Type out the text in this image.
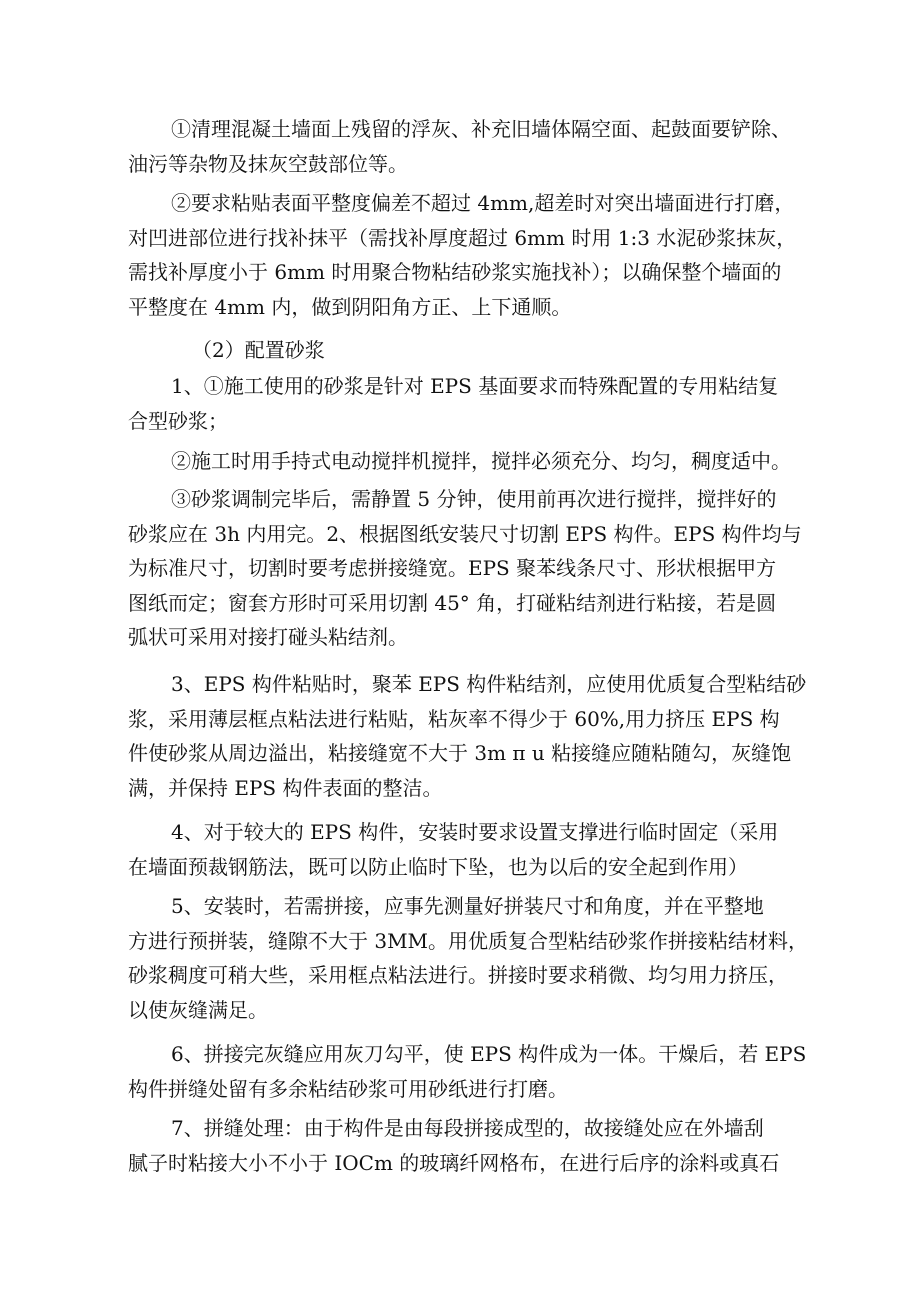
①清理混凝土墙面上残留的浮灰、补充旧墙体隔空面、起鼓面要铲除、
油污等杂物及抹灰空鼓部位等。

②要求粘贴表面平整度偏差不超过 4mm,超差时对突出墙面进行打磨，
对凹进部位进行找补抹平（需找补厚度超过 6mm 时用 1:3 水泥砂浆抹灰，
需找补厚度小于 6mm 时用聚合物粘结砂浆实施找补）；以确保整个墙面的
平整度在 4mm 内，做到阴阳角方正、上下通顺。

（2）配置砂浆

1、①施工使用的砂浆是针对 EPS 基面要求而特殊配置的专用粘结复
合型砂浆；

②施工时用手持式电动搅拌机搅拌，搅拌必须充分、均匀，稠度适中。

③砂浆调制完毕后，需静置 5 分钟，使用前再次进行搅拌，搅拌好的
砂浆应在 3h 内用完。2、根据图纸安装尺寸切割 EPS 构件。EPS 构件均与
为标准尺寸，切割时要考虑拼接缝宽。EPS 聚苯线条尺寸、形状根据甲方
图纸而定；窗套方形时可采用切割 45° 角，打碰粘结剂进行粘接，若是圆
弧状可采用对接打碰头粘结剂。

3、EPS 构件粘贴时，聚苯 EPS 构件粘结剂，应使用优质复合型粘结砂
浆，采用薄层框点粘法进行粘贴，粘灰率不得少于 60%,用力挤压 EPS 构
件使砂浆从周边溢出，粘接缝宽不大于 3m π u 粘接缝应随粘随勾，灰缝饱
满，并保持 EPS 构件表面的整洁。

4、对于较大的 EPS 构件，安装时要求设置支撑进行临时固定（采用
在墙面预裁钢筋法，既可以防止临时下坠，也为以后的安全起到作用）

5、安装时，若需拼接，应事先测量好拼装尺寸和角度，并在平整地
方进行预拼装，缝隙不大于 3MM。用优质复合型粘结砂浆作拼接粘结材料，
砂浆稠度可稍大些，采用框点粘法进行。拼接时要求稍微、均匀用力挤压，
以使灰缝满足。

6、拼接完灰缝应用灰刀勾平，使 EPS 构件成为一体。干燥后，若 EPS
构件拼缝处留有多余粘结砂浆可用砂纸进行打磨。

7、拼缝处理：由于构件是由每段拼接成型的，故接缝处应在外墙刮
腻子时粘接大小不小于 IOCm 的玻璃纤网格布，在进行后序的涂料或真石
